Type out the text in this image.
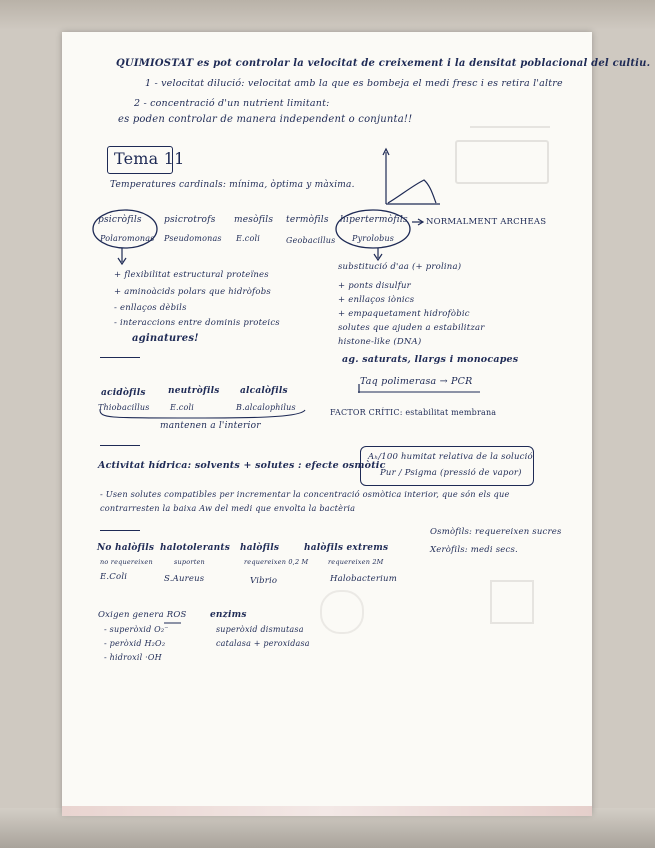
QUIMIOSTAT es pot controlar la velocitat de creixement i la densitat poblacional del cultiu.
1 - velocitat dilució: velocitat amb la que es bombeja el medi fresc i es retira l'altre
2 - concentració d'un nutrient limitant:
es poden controlar de manera independent o conjunta!!
Tema 11
Temperatures cardinals: mínima, òptima y màxima.
psicròfils
Polaromonas
psicrotrofs
Pseudomonas
mesòfils
E.coli
termòfils
Geobacillus
hipertermòfils
Pyrolobus
NORMALMENT ARCHEAS
+ flexibilitat estructural proteïnes
+ aminoàcids polars que hidròfobs
- enllaços dèbils
- interaccions entre dominis proteics
aginatures!
substitució d'aa (+ prolina)
+ ponts disulfur
+ enllaços iònics
+ empaquetament hidrofòbic
solutes que ajuden a estabilitzar
histone-like (DNA)
ag. saturats, llargs i monocapes
Taq polimerasa → PCR
acidòfils
Thiobacillus
neutròfils
E.coli
alcalòfils
B.alcalophilus
mantenen a l'interior
FACTOR CRÍTIC: estabilitat membrana
Activitat hídrica: solvents + solutes : efecte osmòtic
Aₕ/100 humitat relativa de la solució
Pur / Psigma (pressió de vapor)
- Usen solutes compatibles per incrementar la concentració osmòtica interior, que són els que
contrarresten la baixa Aw del medi que envolta la bactèria
Osmòfils: requereixen sucres
Xeròfils: medi secs.
No halòfils
no requereixen
E.Coli
halotolerants
suporten
S.Aureus
halòfils
requereixen 0,2 M
Vibrio
halòfils extrems
requereixen 2M
Halobacterium
Oxigen genera ROS
- superòxid O₂⁻
- peròxid H₂O₂
- hidroxil ·OH
enzims
superòxid dismutasa
catalasa + peroxidasa
